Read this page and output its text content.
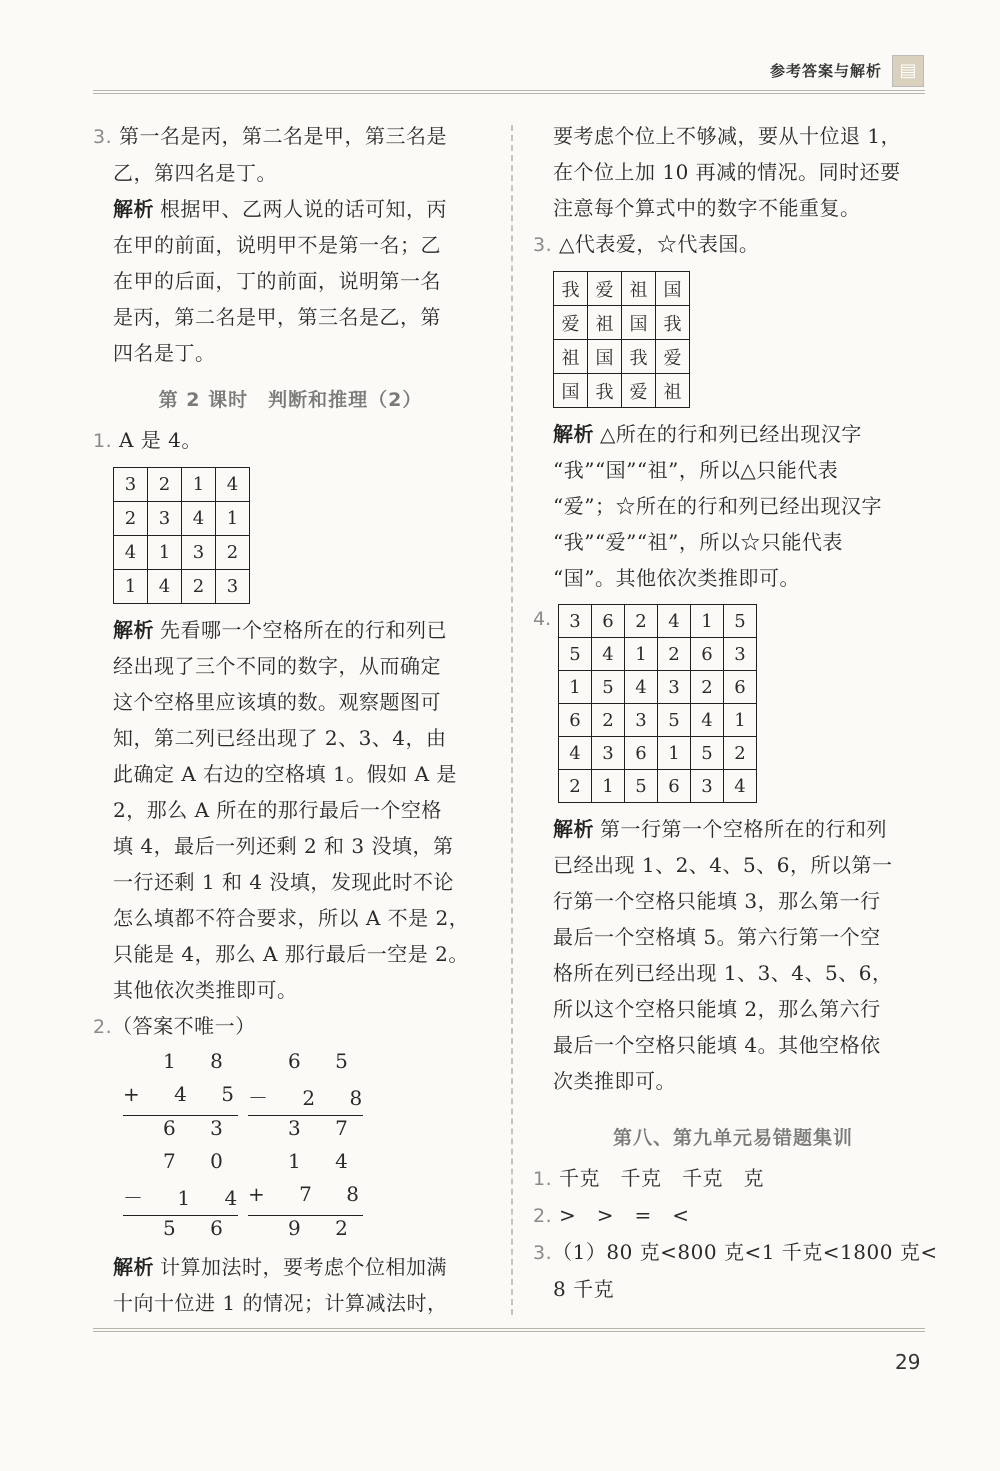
参考答案与解析 ▤

3. 第一名是丙，第二名是甲，第三名是

乙，第四名是丁。

解析 根据甲、乙两人说的话可知，丙

在甲的前面，说明甲不是第一名；乙

在甲的后面，丁的前面，说明第一名

是丙，第二名是甲，第三名是乙，第

四名是丁。

第 2 课时　判断和推理（2）

1. A 是 4。

3	2	1	4
2	3	4	1
4	1	3	2
1	4	2	3

解析 先看哪一个空格所在的行和列已

经出现了三个不同的数字，从而确定

这个空格里应该填的数。观察题图可

知，第二列已经出现了 2、3、4，由

此确定 A 右边的空格填 1。假如 A 是

2，那么 A 所在的那行最后一个空格

填 4，最后一列还剩 2 和 3 没填，第

一行还剩 1 和 4 没填，发现此时不论

怎么填都不符合要求，所以 A 不是 2，

只能是 4，那么 A 那行最后一空是 2。

其他依次类推即可。

2.（答案不唯一）

1 8
+ 4 5
6 3
7 0
－ 1 4
5 6
6 5
－ 2 8
3 7
1 4
+ 7 8
9 2

解析 计算加法时，要考虑个位相加满

十向十位进 1 的情况；计算减法时，

要考虑个位上不够减，要从十位退 1，

在个位上加 10 再减的情况。同时还要

注意每个算式中的数字不能重复。

3. △代表爱，☆代表国。

我	爱	祖	国
爱	祖	国	我
祖	国	我	爱
国	我	爱	祖

解析 △所在的行和列已经出现汉字

“我”“国”“祖”，所以△只能代表

“爱”；☆所在的行和列已经出现汉字

“我”“爱”“祖”，所以☆只能代表

“国”。其他依次类推即可。

4. 3	6	2	4	1	5
5	4	1	2	6	3
1	5	4	3	2	6
6	2	3	5	4	1
4	3	6	1	5	2
2	1	5	6	3	4

解析 第一行第一个空格所在的行和列

已经出现 1、2、4、5、6，所以第一

行第一个空格只能填 3，那么第一行

最后一个空格填 5。第六行第一个空

格所在列已经出现 1、3、4、5、6，

所以这个空格只能填 2，那么第六行

最后一个空格只能填 4。其他空格依

次类推即可。

第八、第九单元易错题集训

1. 千克　千克　千克　克

2. >　>　=　<

3.（1）80 克<800 克<1 千克<1800 克<

8 千克

29
